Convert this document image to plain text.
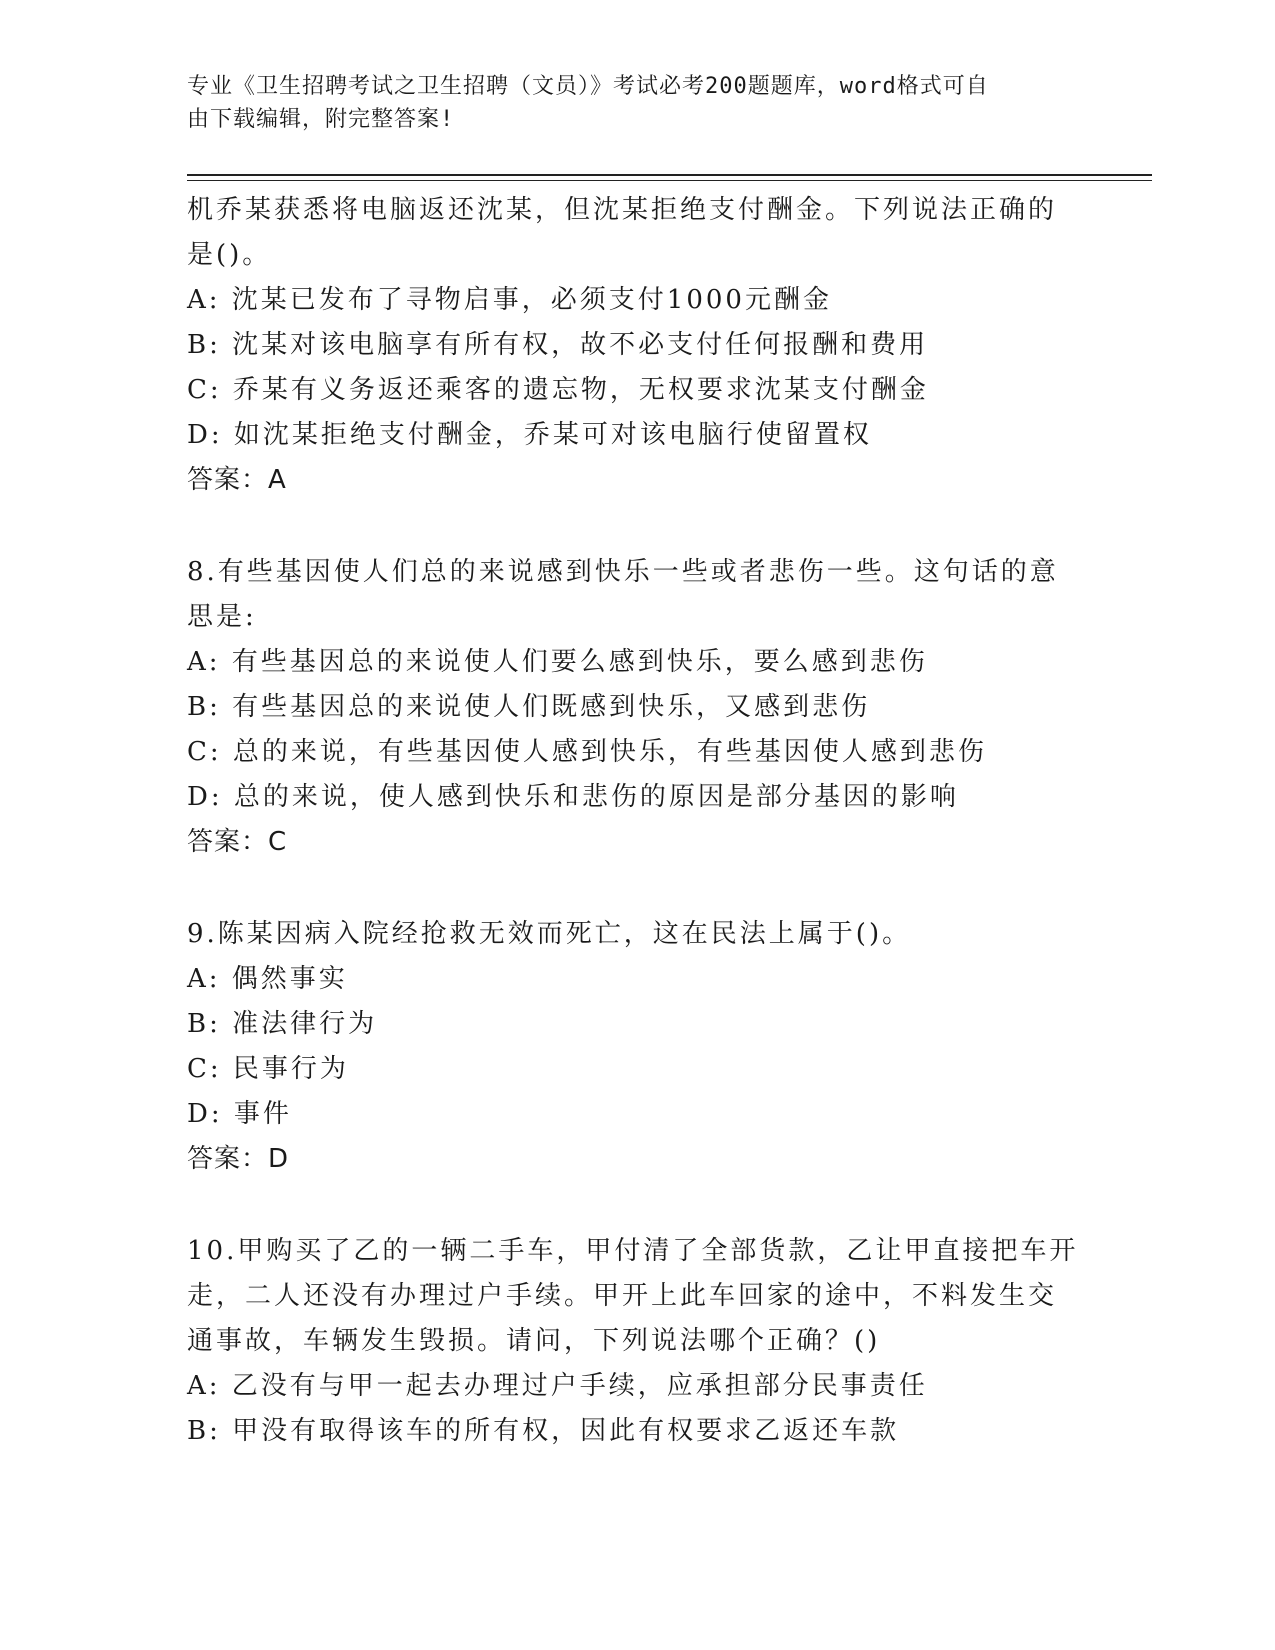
专业《卫生招聘考试之卫生招聘（文员）》考试必考200题题库，word格式可自
由下载编辑，附完整答案!
机乔某获悉将电脑返还沈某，但沈某拒绝支付酬金。下列说法正确的
是()。
A: 沈某已发布了寻物启事，必须支付1000元酬金
B: 沈某对该电脑享有所有权，故不必支付任何报酬和费用
C: 乔某有义务返还乘客的遗忘物，无权要求沈某支付酬金
D: 如沈某拒绝支付酬金，乔某可对该电脑行使留置权
答案：A
8.有些基因使人们总的来说感到快乐一些或者悲伤一些。这句话的意
思是:
A: 有些基因总的来说使人们要么感到快乐，要么感到悲伤
B: 有些基因总的来说使人们既感到快乐，又感到悲伤
C: 总的来说，有些基因使人感到快乐，有些基因使人感到悲伤
D: 总的来说，使人感到快乐和悲伤的原因是部分基因的影响
答案：C
9.陈某因病入院经抢救无效而死亡，这在民法上属于()。
A: 偶然事实
B: 准法律行为
C: 民事行为
D: 事件
答案：D
10.甲购买了乙的一辆二手车，甲付清了全部货款，乙让甲直接把车开
走，二人还没有办理过户手续。甲开上此车回家的途中，不料发生交
通事故，车辆发生毁损。请问，下列说法哪个正确？()
A: 乙没有与甲一起去办理过户手续，应承担部分民事责任
B: 甲没有取得该车的所有权，因此有权要求乙返还车款
